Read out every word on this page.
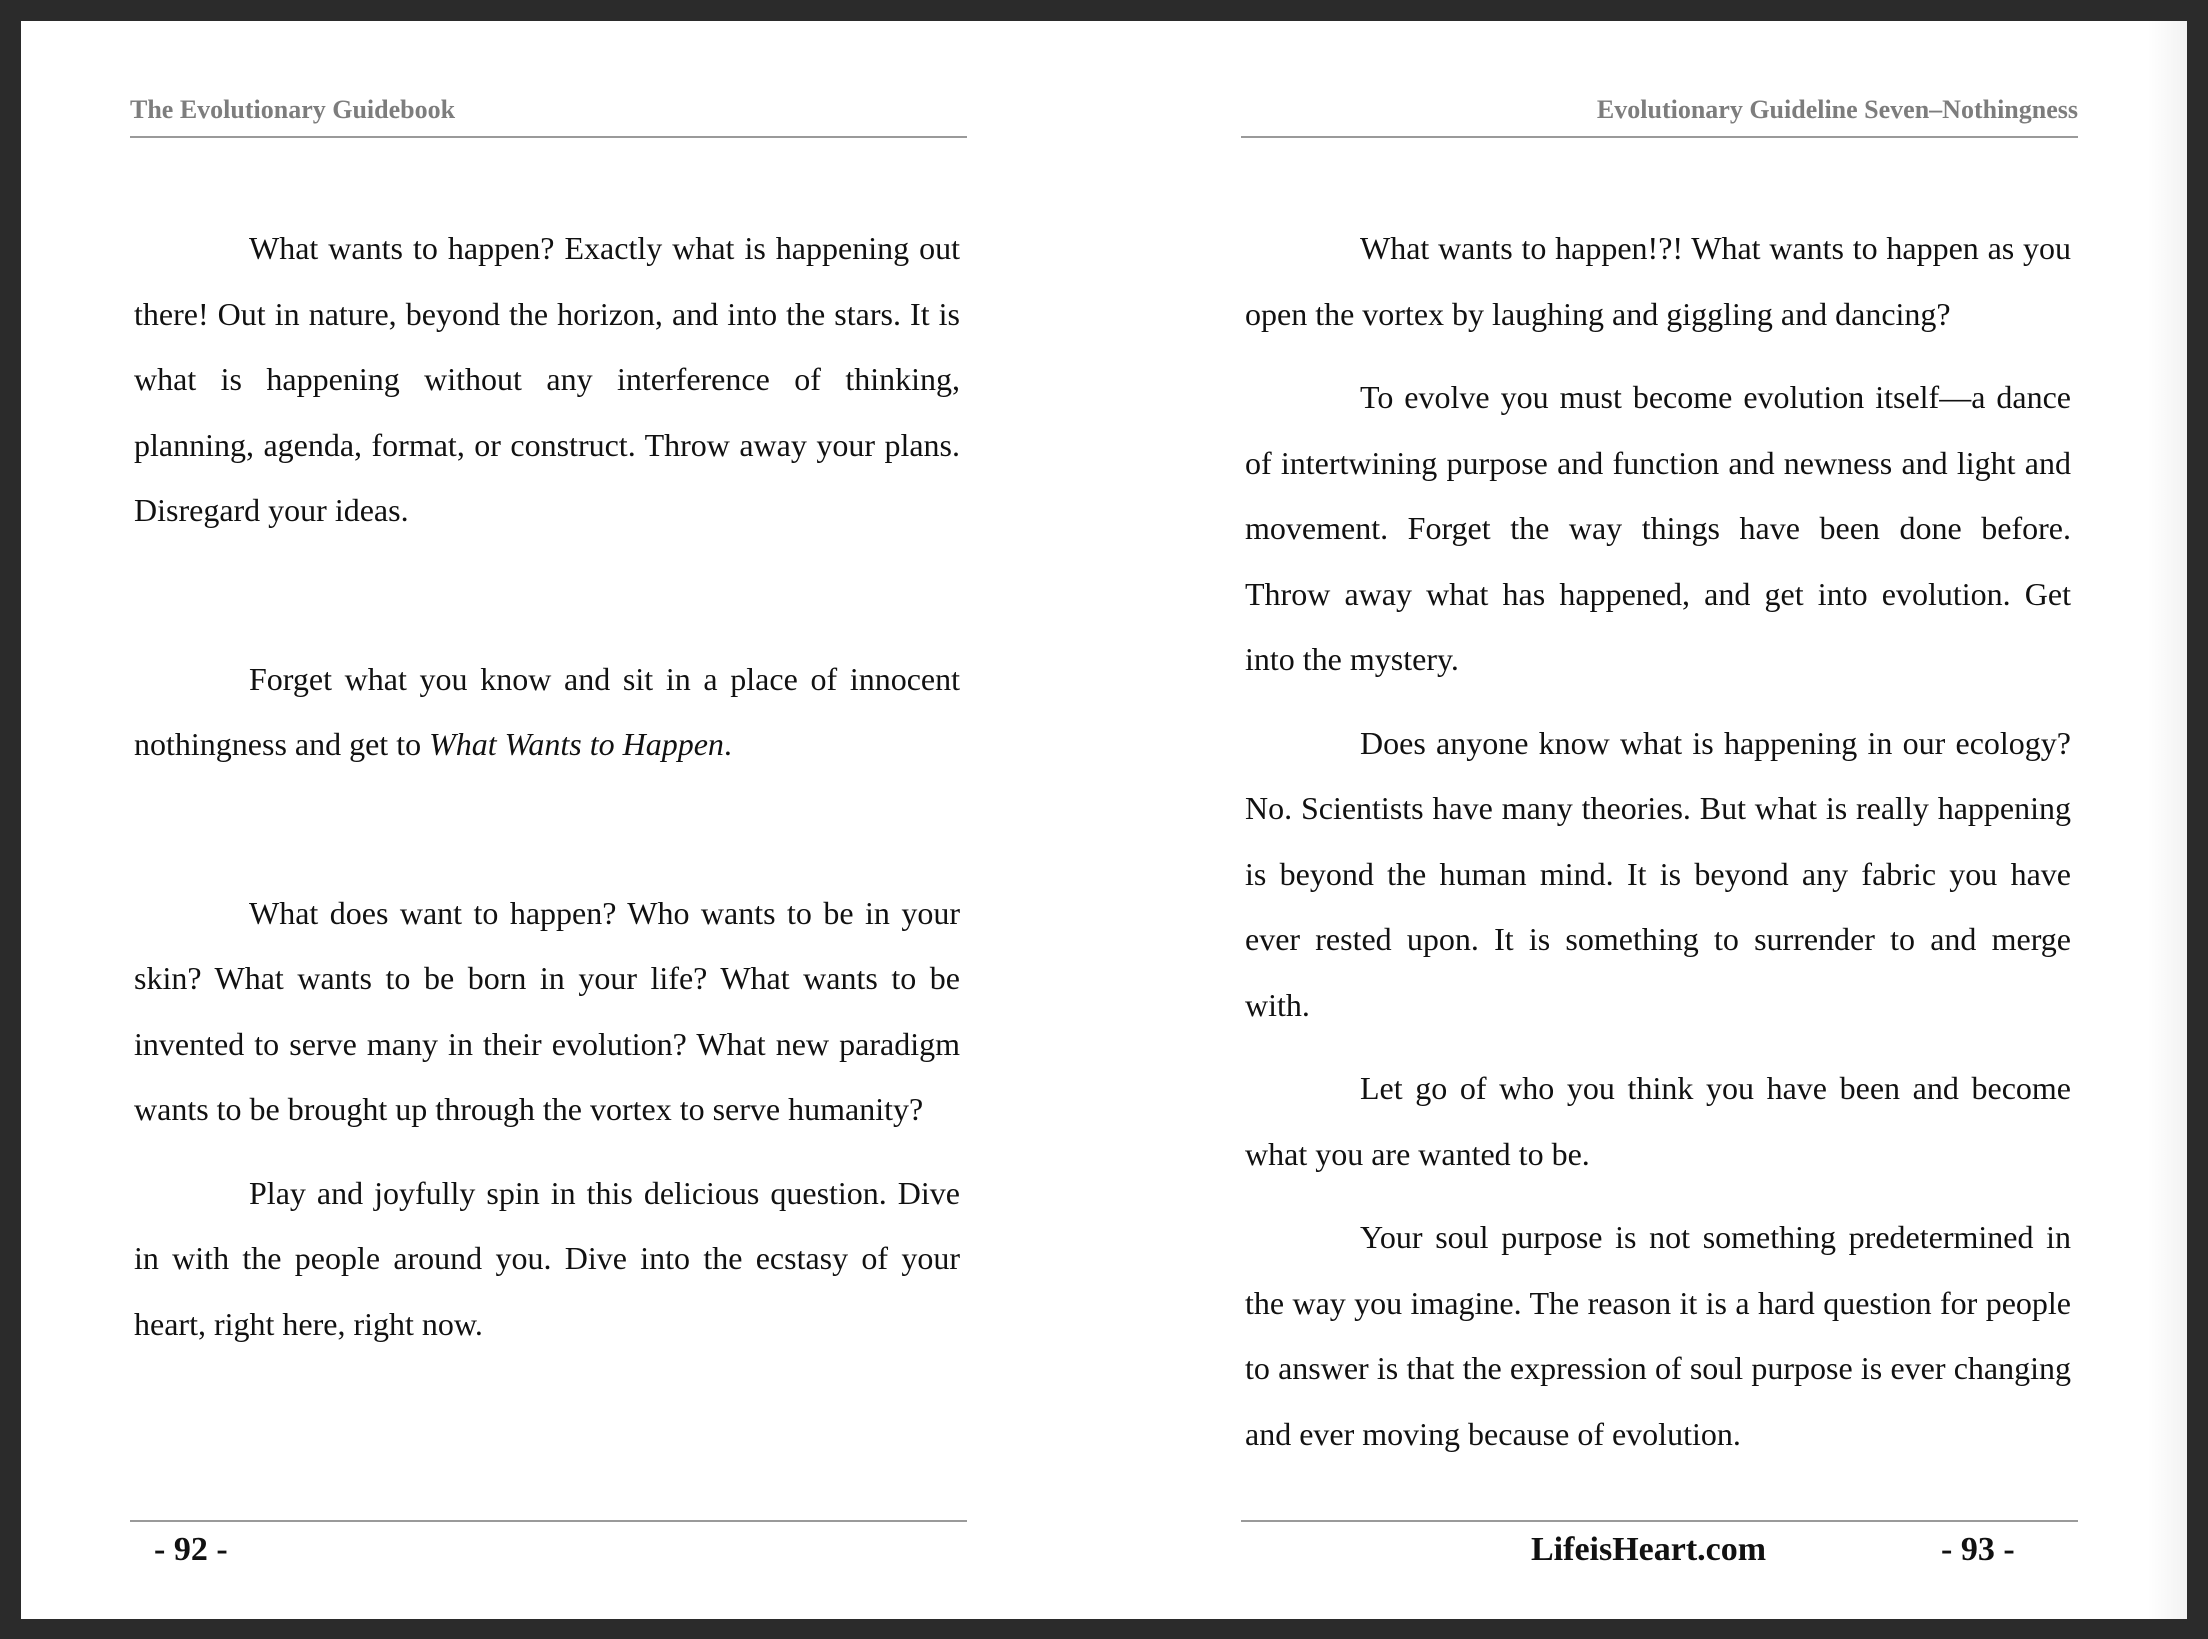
The Evolutionary Guidebook

What wants to happen? Exactly what is happening out there! Out in nature, beyond the horizon, and into the stars. It is what is happening without any interference of thinking, planning, agenda, format, or construct. Throw away your plans. Disregard your ideas.

Forget what you know and sit in a place of innocent nothingness and get to What Wants to Happen.

What does want to happen? Who wants to be in your skin? What wants to be born in your life? What wants to be invented to serve many in their evolution? What new paradigm wants to be brought up through the vortex to serve humanity?

Play and joyfully spin in this delicious question. Dive in with the people around you. Dive into the ecstasy of your heart, right here, right now.

- 92 -
Evolutionary Guideline Seven–Nothingness

What wants to happen!?! What wants to happen as you open the vortex by laughing and giggling and dancing?

To evolve you must become evolution itself—a dance of intertwining purpose and function and newness and light and movement. Forget the way things have been done before. Throw away what has happened, and get into evolution. Get into the mystery.

Does anyone know what is happening in our ecology? No. Scientists have many theories. But what is really happening is beyond the human mind. It is beyond any fabric you have ever rested upon. It is something to surrender to and merge with.

Let go of who you think you have been and become what you are wanted to be.

Your soul purpose is not something predetermined in the way you imagine. The reason it is a hard question for people to answer is that the expression of soul purpose is ever changing and ever moving because of evolution.

LifeisHeart.com	- 93 -
